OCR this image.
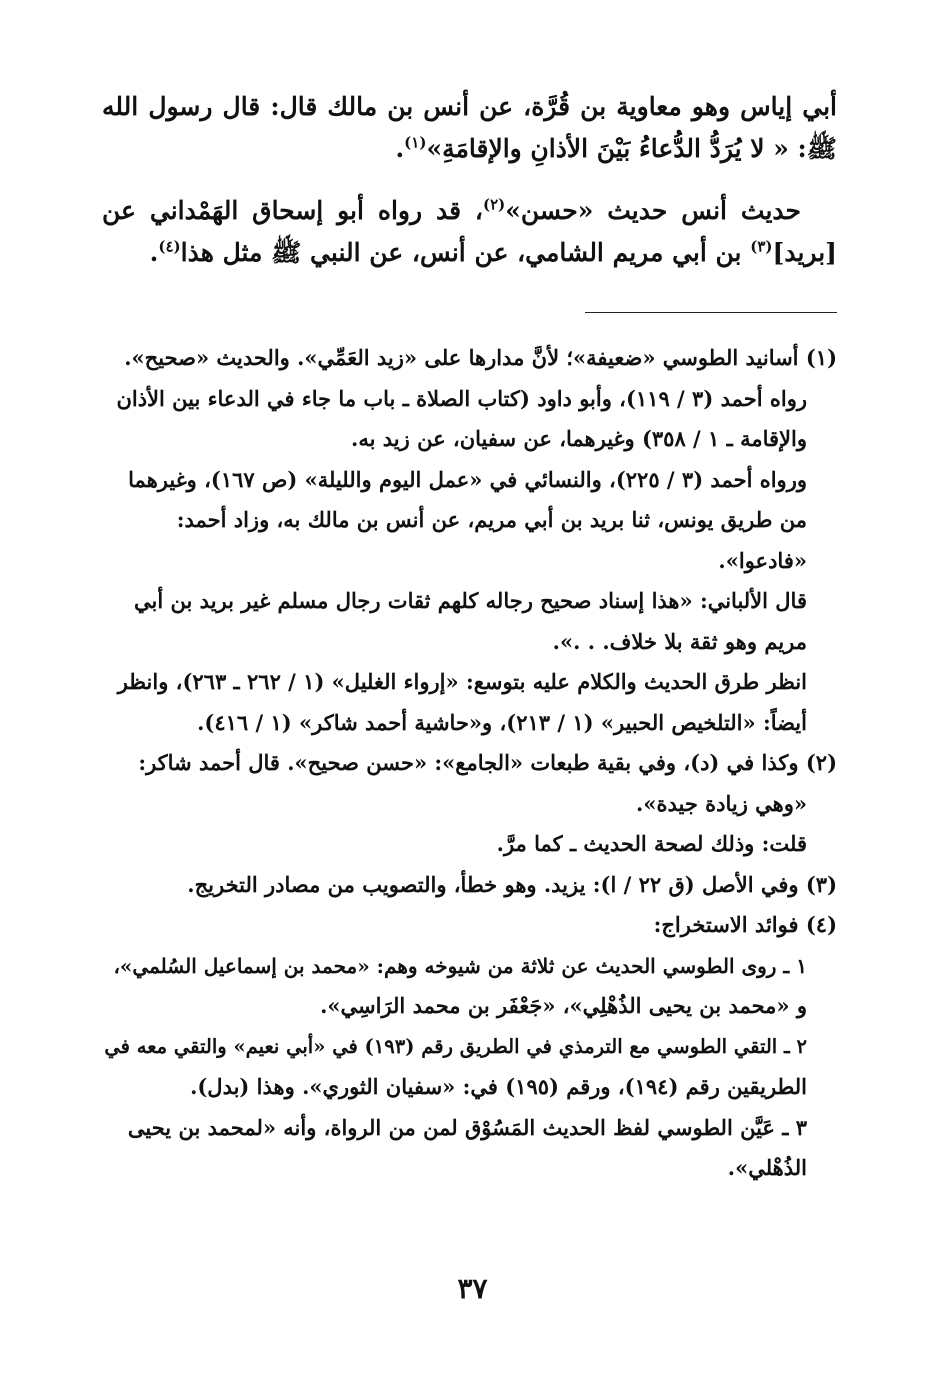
أبي إياس وهو معاوية بن قُرَّة، عن أنس بن مالك قال: قال رسول الله ﷺ: « لا يُرَدُّ الدُّعاءُ بَيْنَ الأذانِ والإقامَةِ»$^{(١)}$.

حديث أنس حديث «حسن»$^{(٢)}$، قد رواه أبو إسحاق الهَمْداني عن [بريد]$^{(٣)}$ بن أبي مريم الشامي، عن أنس، عن النبي ﷺ مثل هذا$^{(٤)}$.

(١) أسانيد الطوسي «ضعيفة»؛ لأنَّ مدارها على «زيد العَمِّي». والحديث «صحيح».
رواه أحمد (٣ / ١١٩)، وأبو داود (كتاب الصلاة ـ باب ما جاء في الدعاء بين الأذان
والإقامة ـ ١ / ٣٥٨) وغيرهما، عن سفيان، عن زيد به.
ورواه أحمد (٣ / ٢٢٥)، والنسائي في «عمل اليوم والليلة» (ص ١٦٧)، وغيرهما
من طريق يونس، ثنا بريد بن أبي مريم، عن أنس بن مالك به، وزاد أحمد:
«فادعوا».
قال الألباني: «هذا إسناد صحيح رجاله كلهم ثقات رجال مسلم غير بريد بن أبي
مريم وهو ثقة بلا خلاف. . .».
انظر طرق الحديث والكلام عليه بتوسع: «إرواء الغليل» (١ / ٢٦٢ ـ ٢٦٣)، وانظر
أيضاً: «التلخيص الحبير» (١ / ٢١٣)، و«حاشية أحمد شاكر» (١ / ٤١٦).
(٢) وكذا في (د)، وفي بقية طبعات «الجامع»: «حسن صحيح». قال أحمد شاكر:
«وهي زيادة جيدة».
قلت: وذلك لصحة الحديث ـ كما مرَّ.
(٣) وفي الأصل (ق ٢٢ / ا): يزيد. وهو خطأ، والتصويب من مصادر التخريج.
(٤) فوائد الاستخراج:
١ ـ روى الطوسي الحديث عن ثلاثة من شيوخه وهم: «محمد بن إسماعيل السُلمي»،
و «محمد بن يحيى الذُهْلِي»، «جَعْفَر بن محمد الرَاسِي».
٢ ـ التقي الطوسي مع الترمذي في الطريق رقم (١٩٣) في «أبي نعيم» والتقي معه في
الطريقين رقم (١٩٤)، ورقم (١٩٥) في: «سفيان الثوري». وهذا (بدل).
٣ ـ عَيَّن الطوسي لفظ الحديث المَسُوْق لمن من الرواة، وأنه «لمحمد بن يحيى
الذُهْلي».
٣٧
